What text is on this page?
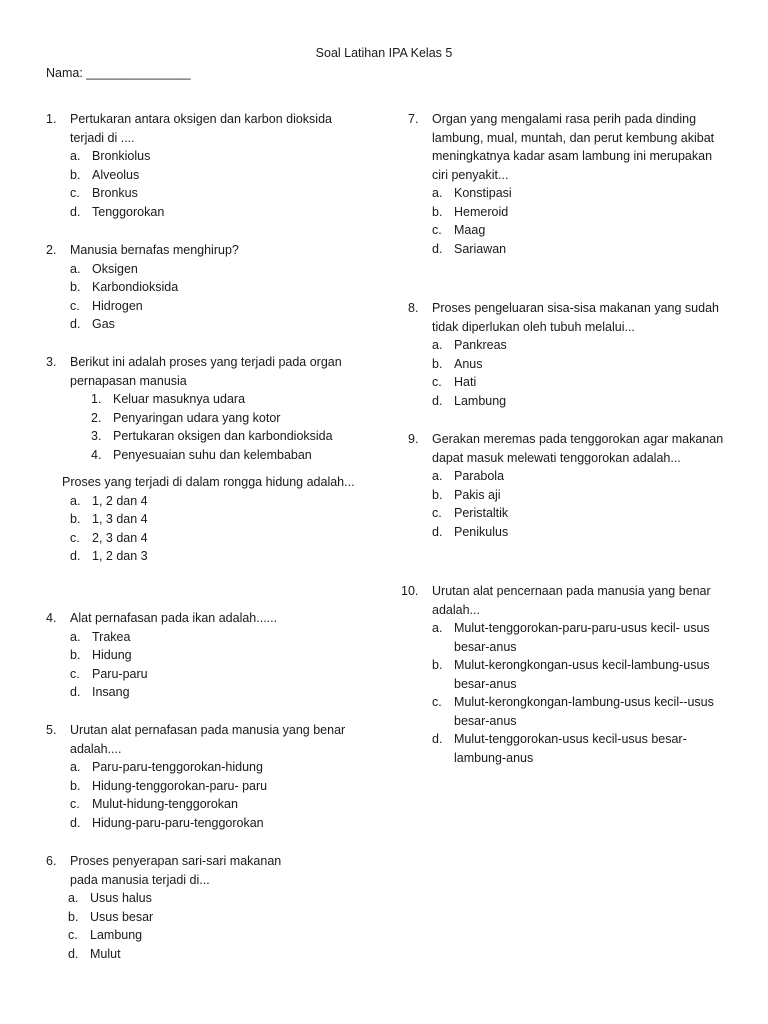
Soal Latihan IPA Kelas 5
Nama: _______________
1.	Pertukaran antara oksigen dan karbon dioksida
terjadi di ....
a. Bronkiolus
b. Alveolus
c. Bronkus
d. Tenggorokan
2.	Manusia bernafas menghirup?
a. Oksigen
b. Karbondioksida
c. Hidrogen
d. Gas
3.	Berikut ini adalah proses yang terjadi pada organ
pernapasan manusia
1. Keluar masuknya udara
2. Penyaringan udara yang kotor
3. Pertukaran oksigen dan karbondioksida
4. Penyesuaian suhu dan kelembaban
Proses yang terjadi di dalam rongga hidung adalah...
a. 1, 2 dan 4
b. 1, 3 dan 4
c. 2, 3 dan 4
d. 1, 2 dan 3
4.	Alat pernafasan pada ikan adalah......
a. Trakea
b. Hidung
c. Paru-paru
d. Insang
5.	Urutan alat pernafasan pada manusia yang benar
adalah....
a. Paru-paru-tenggorokan-hidung
b. Hidung-tenggorokan-paru- paru
c. Mulut-hidung-tenggorokan
d. Hidung-paru-paru-tenggorokan
6.	Proses penyerapan sari-sari makanan
pada manusia terjadi di...
a. Usus halus
b. Usus besar
c. Lambung
d. Mulut
7.	Organ yang mengalami rasa perih pada dinding
lambung, mual, muntah, dan perut kembung akibat
meningkatnya kadar asam lambung ini merupakan
ciri penyakit...
a. Konstipasi
b. Hemeroid
c. Maag
d. Sariawan
8.	Proses pengeluaran sisa-sisa makanan yang sudah
tidak diperlukan oleh tubuh melalui...
a. Pankreas
b. Anus
c. Hati
d. Lambung
9.	Gerakan meremas pada tenggorokan agar makanan
dapat masuk melewati tenggorokan adalah...
a. Parabola
b. Pakis aji
c. Peristaltik
d. Penikulus
10.	Urutan alat pencernaan pada manusia yang benar
adalah...
a. Mulut-tenggorokan-paru-paru-usus kecil- usus
besar-anus
b. Mulut-kerongkongan-usus kecil-lambung-usus
besar-anus
c. Mulut-kerongkongan-lambung-usus kecil--usus
besar-anus
d. Mulut-tenggorokan-usus kecil-usus besar-
lambung-anus
